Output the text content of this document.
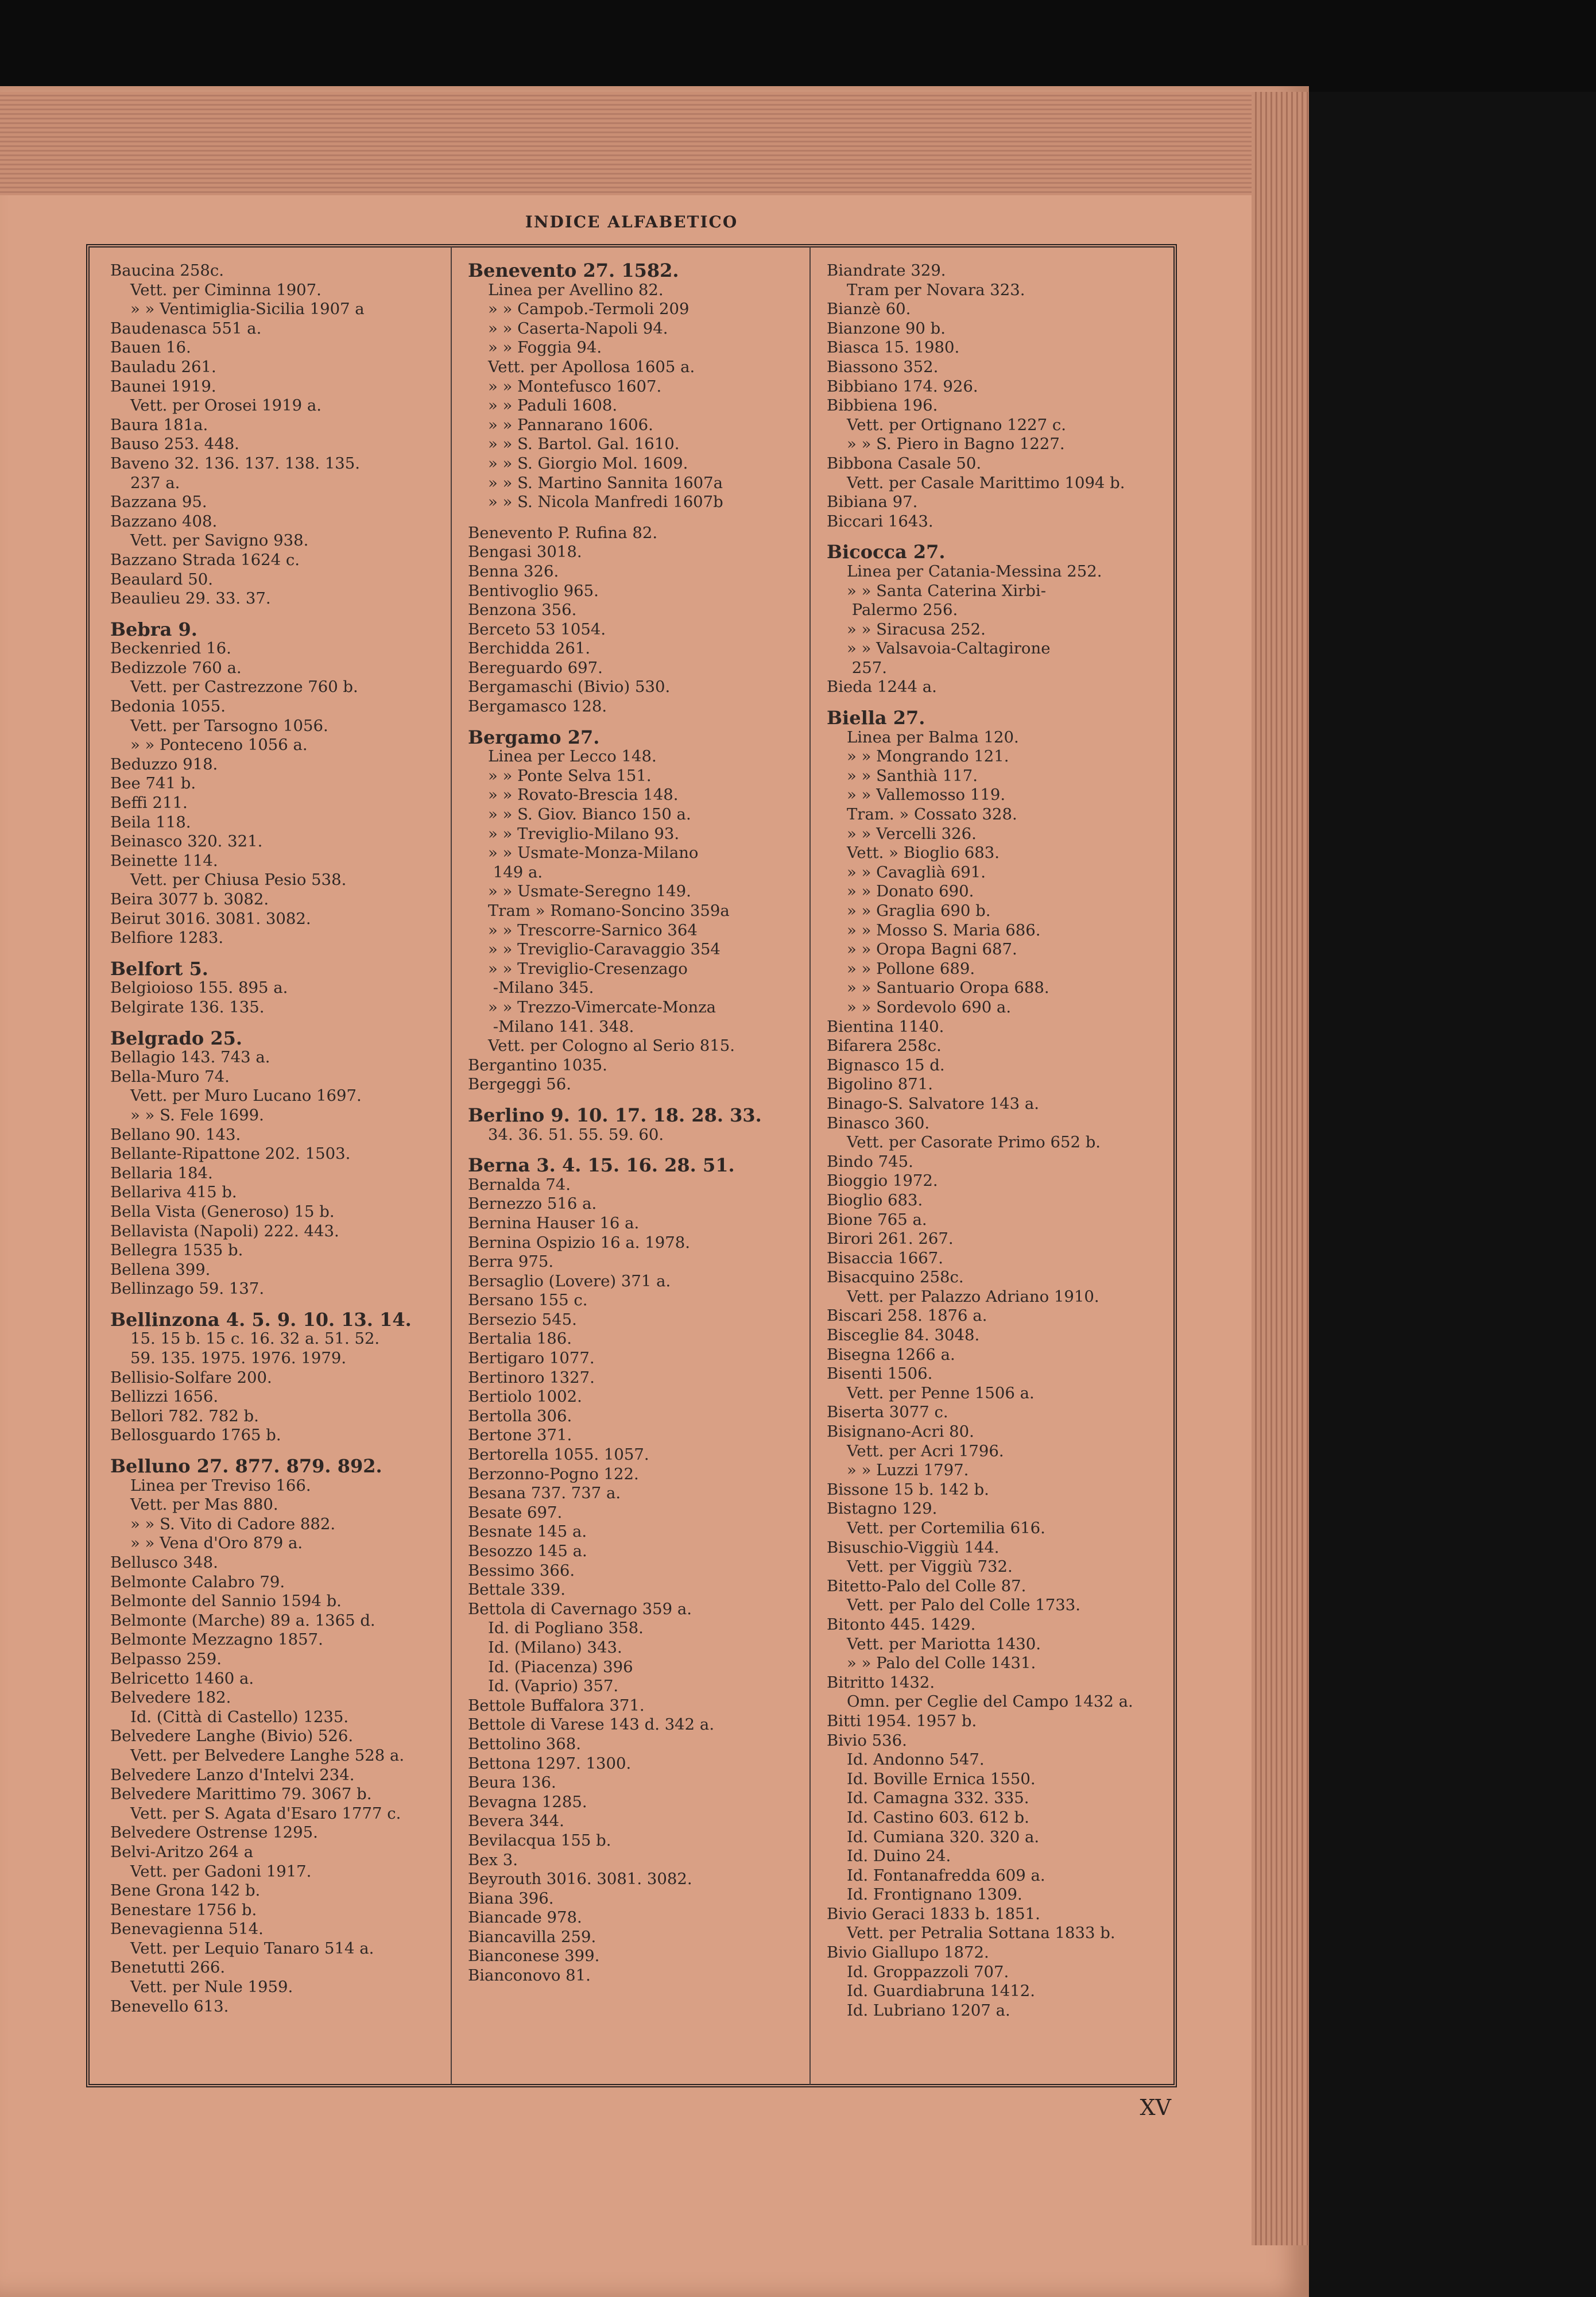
INDICE ALFABETICO
Baucina 258c.
Vett. per Ciminna 1907.
» » Ventimiglia-Sicilia 1907 a
Baudenasca 551 a.
Bauen 16.
Bauladu 261.
Baunei 1919.
Vett. per Orosei 1919 a.
Baura 181a.
Bauso 253. 448.
Baveno 32. 136. 137. 138. 135.
237 a.
Bazzana 95.
Bazzano 408.
Vett. per Savigno 938.
Bazzano Strada 1624 c.
Beaulard 50.
Beaulieu 29. 33. 37.
Bebra 9.
Beckenried 16.
Bedizzole 760 a.
Vett. per Castrezzone 760 b.
Bedonia 1055.
Vett. per Tarsogno 1056.
» » Ponteceno 1056 a.
Beduzzo 918.
Bee 741 b.
Beffi 211.
Beila 118.
Beinasco 320. 321.
Beinette 114.
Vett. per Chiusa Pesio 538.
Beira 3077 b. 3082.
Beirut 3016. 3081. 3082.
Belfiore 1283.
Belfort 5.
Belgioioso 155. 895 a.
Belgirate 136. 135.
Belgrado 25.
Bellagio 143. 743 a.
Bella-Muro 74.
Vett. per Muro Lucano 1697.
» » S. Fele 1699.
Bellano 90. 143.
Bellante-Ripattone 202. 1503.
Bellaria 184.
Bellariva 415 b.
Bella Vista (Generoso) 15 b.
Bellavista (Napoli) 222. 443.
Bellegra 1535 b.
Bellena 399.
Bellinzago 59. 137.
Bellinzona 4. 5. 9. 10. 13. 14.
15. 15 b. 15 c. 16. 32 a. 51. 52.
59. 135. 1975. 1976. 1979.
Bellisio-Solfare 200.
Bellizzi 1656.
Bellori 782. 782 b.
Bellosguardo 1765 b.
Belluno 27. 877. 879. 892.
Linea per Treviso 166.
Vett. per Mas 880.
» » S. Vito di Cadore 882.
» » Vena d'Oro 879 a.
Bellusco 348.
Belmonte Calabro 79.
Belmonte del Sannio 1594 b.
Belmonte (Marche) 89 a. 1365 d.
Belmonte Mezzagno 1857.
Belpasso 259.
Belricetto 1460 a.
Belvedere 182.
Id. (Città di Castello) 1235.
Belvedere Langhe (Bivio) 526.
Vett. per Belvedere Langhe 528 a.
Belvedere Lanzo d'Intelvi 234.
Belvedere Marittimo 79. 3067 b.
Vett. per S. Agata d'Esaro 1777 c.
Belvedere Ostrense 1295.
Belvi-Aritzo 264 a
Vett. per Gadoni 1917.
Bene Grona 142 b.
Benestare 1756 b.
Benevagienna 514.
Vett. per Lequio Tanaro 514 a.
Benetutti 266.
Vett. per Nule 1959.
Benevello 613.
Benevento 27. 1582.
Linea per Avellino 82.
» » Campob.-Termoli 209
» » Caserta-Napoli 94.
» » Foggia 94.
Vett. per Apollosa 1605 a.
» » Montefusco 1607.
» » Paduli 1608.
» » Pannarano 1606.
» » S. Bartol. Gal. 1610.
» » S. Giorgio Mol. 1609.
» » S. Martino Sannita 1607a
» » S. Nicola Manfredi 1607b
Benevento P. Rufina 82.
Bengasi 3018.
Benna 326.
Bentivoglio 965.
Benzona 356.
Berceto 53 1054.
Berchidda 261.
Bereguardo 697.
Bergamaschi (Bivio) 530.
Bergamasco 128.
Bergamo 27.
Linea per Lecco 148.
» » Ponte Selva 151.
» » Rovato-Brescia 148.
» » S. Giov. Bianco 150 a.
» » Treviglio-Milano 93.
» » Usmate-Monza-Milano
149 a.
» » Usmate-Seregno 149.
Tram » Romano-Soncino 359a
» » Trescorre-Sarnico 364
» » Treviglio-Caravaggio 354
» » Treviglio-Cresenzago
-Milano 345.
» » Trezzo-Vimercate-Monza
-Milano 141. 348.
Vett. per Cologno al Serio 815.
Bergantino 1035.
Bergeggi 56.
Berlino 9. 10. 17. 18. 28. 33.
34. 36. 51. 55. 59. 60.
Berna 3. 4. 15. 16. 28. 51.
Bernalda 74.
Bernezzo 516 a.
Bernina Hauser 16 a.
Bernina Ospizio 16 a. 1978.
Berra 975.
Bersaglio (Lovere) 371 a.
Bersano 155 c.
Bersezio 545.
Bertalia 186.
Bertigaro 1077.
Bertinoro 1327.
Bertiolo 1002.
Bertolla 306.
Bertone 371.
Bertorella 1055. 1057.
Berzonno-Pogno 122.
Besana 737. 737 a.
Besate 697.
Besnate 145 a.
Besozzo 145 a.
Bessimo 366.
Bettale 339.
Bettola di Cavernago 359 a.
Id. di Pogliano 358.
Id. (Milano) 343.
Id. (Piacenza) 396
Id. (Vaprio) 357.
Bettole Buffalora 371.
Bettole di Varese 143 d. 342 a.
Bettolino 368.
Bettona 1297. 1300.
Beura 136.
Bevagna 1285.
Bevera 344.
Bevilacqua 155 b.
Bex 3.
Beyrouth 3016. 3081. 3082.
Biana 396.
Biancade 978.
Biancavilla 259.
Bianconese 399.
Bianconovo 81.
Biandrate 329.
Tram per Novara 323.
Bianzè 60.
Bianzone 90 b.
Biasca 15. 1980.
Biassono 352.
Bibbiano 174. 926.
Bibbiena 196.
Vett. per Ortignano 1227 c.
» » S. Piero in Bagno 1227.
Bibbona Casale 50.
Vett. per Casale Marittimo 1094 b.
Bibiana 97.
Biccari 1643.
Bicocca 27.
Linea per Catania-Messina 252.
» » Santa Caterina Xirbi-
Palermo 256.
» » Siracusa 252.
» » Valsavoia-Caltagirone
257.
Bieda 1244 a.
Biella 27.
Linea per Balma 120.
» » Mongrando 121.
» » Santhià 117.
» » Vallemosso 119.
Tram. » Cossato 328.
» » Vercelli 326.
Vett. » Bioglio 683.
» » Cavaglià 691.
» » Donato 690.
» » Graglia 690 b.
» » Mosso S. Maria 686.
» » Oropa Bagni 687.
» » Pollone 689.
» » Santuario Oropa 688.
» » Sordevolo 690 a.
Bientina 1140.
Bifarera 258c.
Bignasco 15 d.
Bigolino 871.
Binago-S. Salvatore 143 a.
Binasco 360.
Vett. per Casorate Primo 652 b.
Bindo 745.
Bioggio 1972.
Bioglio 683.
Bione 765 a.
Birori 261. 267.
Bisaccia 1667.
Bisacquino 258c.
Vett. per Palazzo Adriano 1910.
Biscari 258. 1876 a.
Bisceglie 84. 3048.
Bisegna 1266 a.
Bisenti 1506.
Vett. per Penne 1506 a.
Biserta 3077 c.
Bisignano-Acri 80.
Vett. per Acri 1796.
» » Luzzi 1797.
Bissone 15 b. 142 b.
Bistagno 129.
Vett. per Cortemilia 616.
Bisuschio-Viggiù 144.
Vett. per Viggiù 732.
Bitetto-Palo del Colle 87.
Vett. per Palo del Colle 1733.
Bitonto 445. 1429.
Vett. per Mariotta 1430.
» » Palo del Colle 1431.
Bitritto 1432.
Omn. per Ceglie del Campo 1432 a.
Bitti 1954. 1957 b.
Bivio 536.
Id. Andonno 547.
Id. Boville Ernica 1550.
Id. Camagna 332. 335.
Id. Castino 603. 612 b.
Id. Cumiana 320. 320 a.
Id. Duino 24.
Id. Fontanafredda 609 a.
Id. Frontignano 1309.
Bivio Geraci 1833 b. 1851.
Vett. per Petralia Sottana 1833 b.
Bivio Giallupo 1872.
Id. Groppazzoli 707.
Id. Guardiabruna 1412.
Id. Lubriano 1207 a.
XV
